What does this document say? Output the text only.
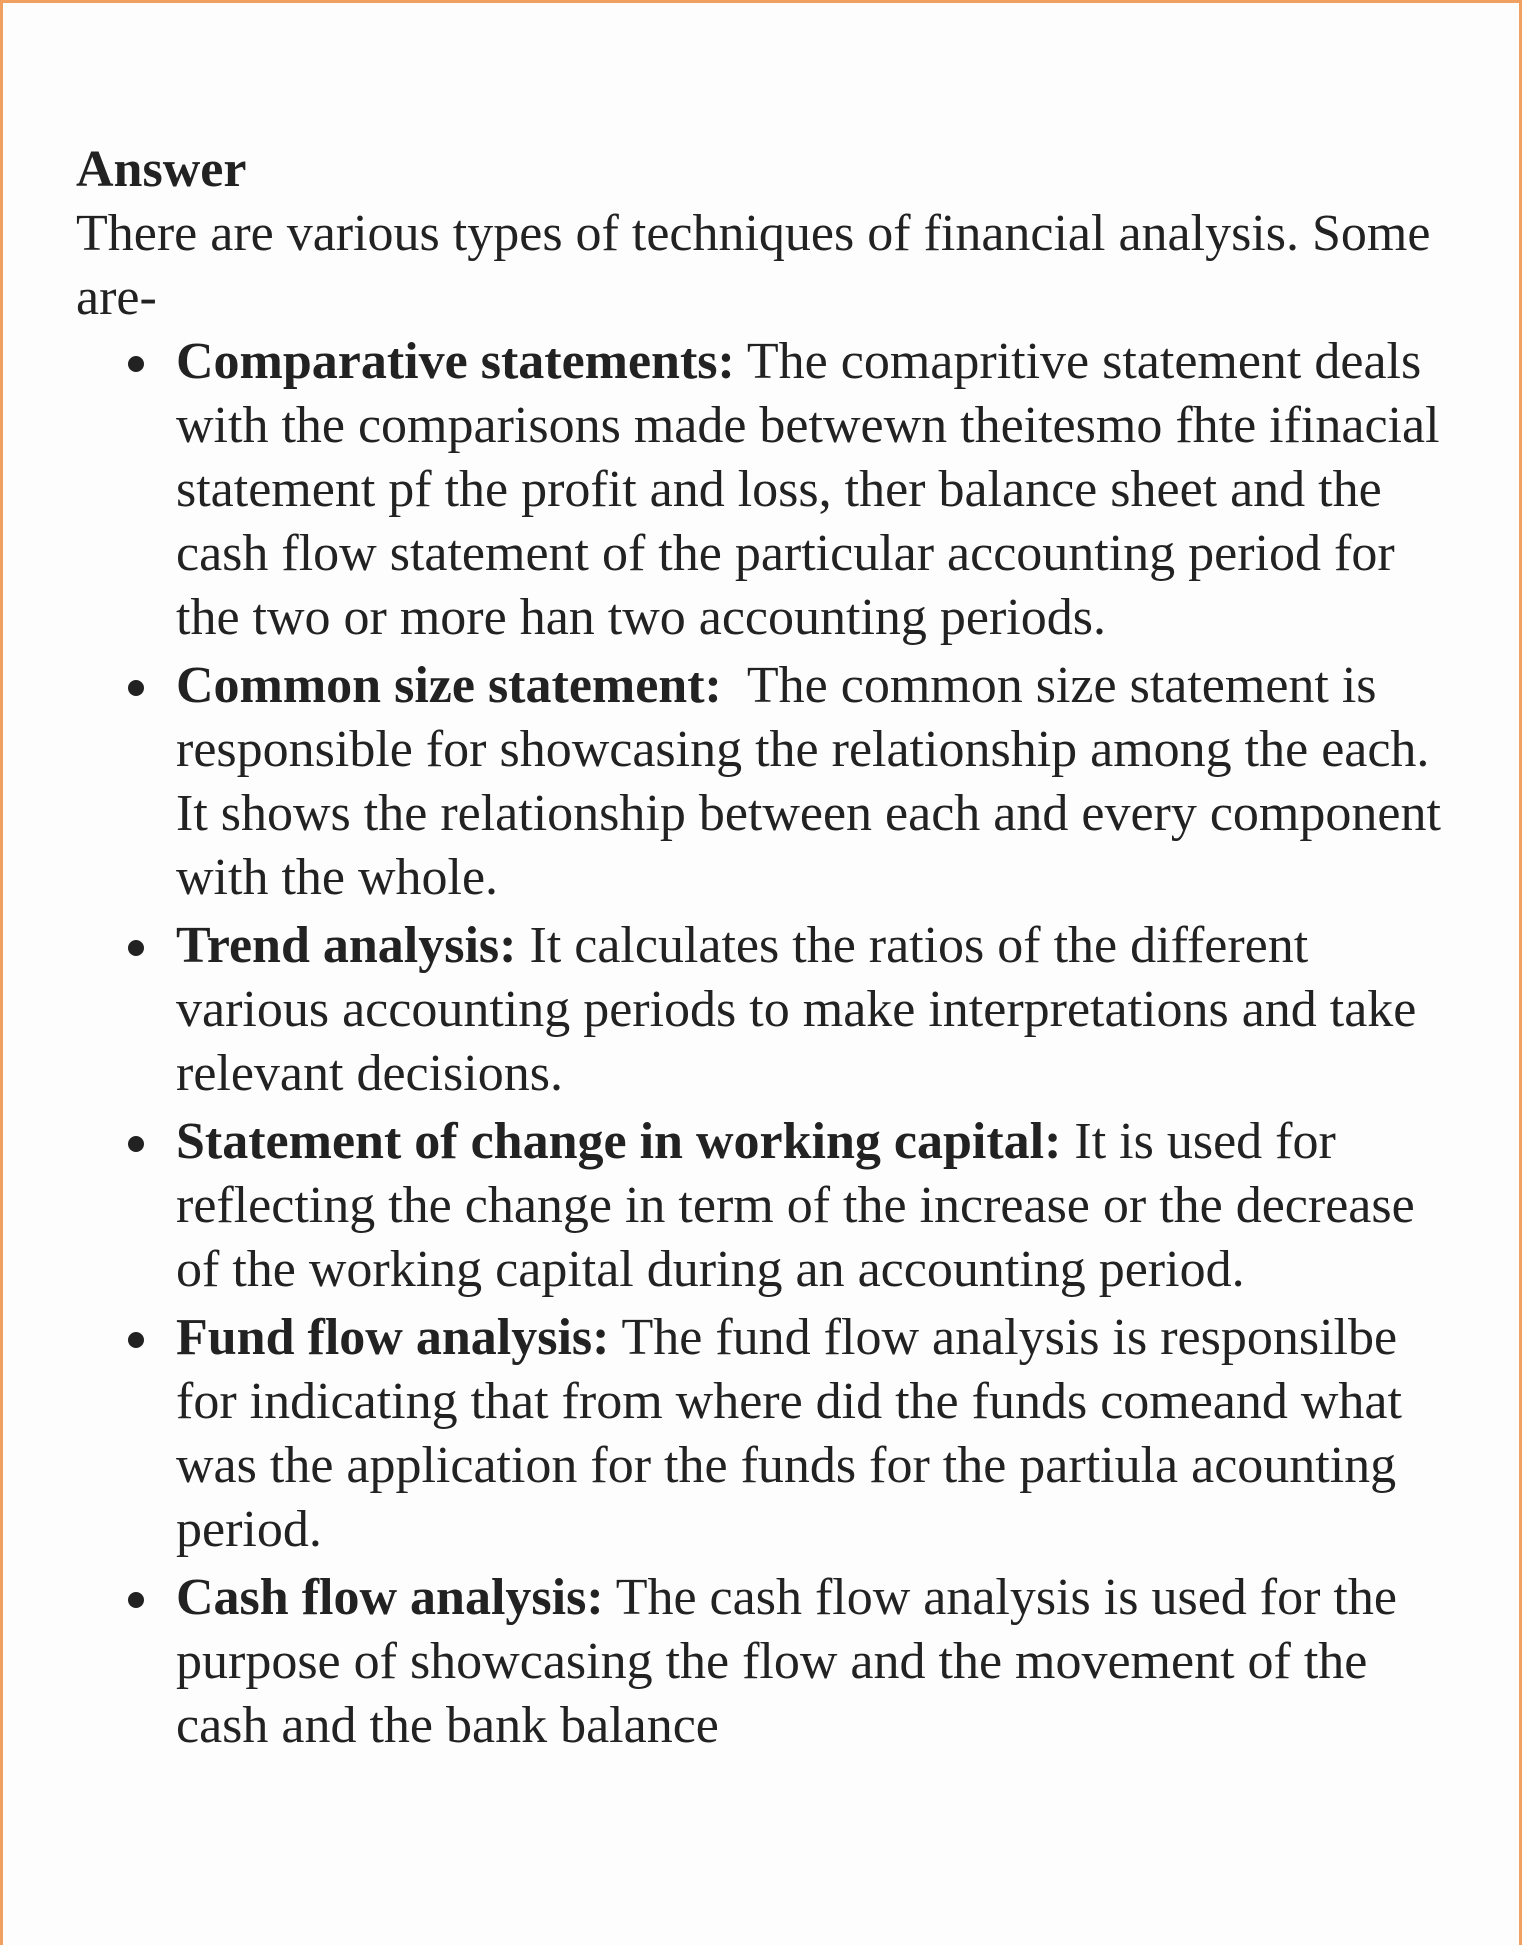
Answer

There are various types of techniques of financial analysis. Some are-

Comparative statements: The comapritive statement deals with the comparisons made betwewn theitesmo fhte ifinacial statement pf the profit and loss, ther balance sheet and the cash flow statement of the particular accounting period for the two or more han two accounting periods.
Common size statement:  The common size statement is responsible for showcasing the relationship among the each. It shows the relationship between each and every component with the whole.
Trend analysis: It calculates the ratios of the different various accounting periods to make interpretations and take relevant decisions.
Statement of change in working capital: It is used for reflecting the change in term of the increase or the decrease of the working capital during an accounting period.
Fund flow analysis: The fund flow analysis is responsilbe for indicating that from where did the funds comeand what was the application for the funds for the partiula acounting period.
Cash flow analysis: The cash flow analysis is used for the purpose of showcasing the flow and the movement of the cash and the bank balance
